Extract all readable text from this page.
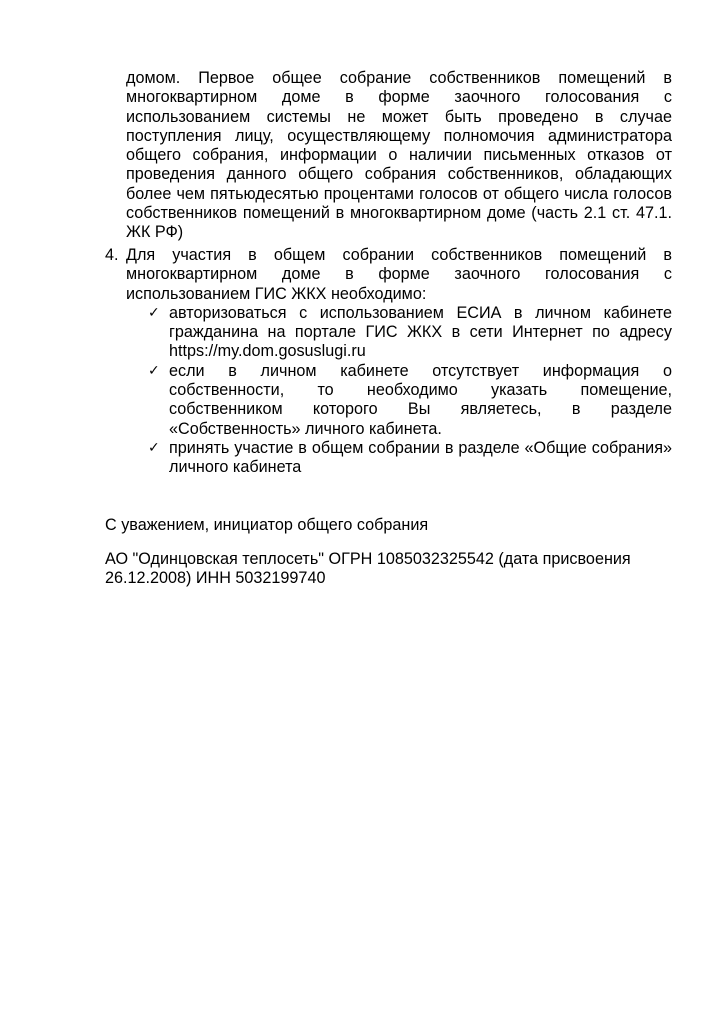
домом. Первое общее собрание собственников помещений в многоквартирном доме в форме заочного голосования с использованием системы не может быть проведено в случае поступления лицу, осуществляющему полномочия администратора общего собрания, информации о наличии письменных отказов от проведения данного общего собрания собственников, обладающих более чем пятьюдесятью процентами голосов от общего числа голосов собственников помещений в многоквартирном доме (часть 2.1 ст. 47.1. ЖК РФ)
4. Для участия в общем собрании собственников помещений в многоквартирном доме в форме заочного голосования с использованием ГИС ЖКХ необходимо:
✓ авторизоваться с использованием ЕСИА в личном кабинете гражданина на портале ГИС ЖКХ в сети Интернет по адресу https://my.dom.gosuslugi.ru
✓ если в личном кабинете отсутствует информация о собственности, то необходимо указать помещение, собственником которого Вы являетесь, в разделе «Собственность» личного кабинета.
✓ принять участие в общем собрании в разделе «Общие собрания» личного кабинета
С уважением, инициатор общего собрания
АО "Одинцовская теплосеть" ОГРН 1085032325542 (дата присвоения 26.12.2008) ИНН 5032199740
